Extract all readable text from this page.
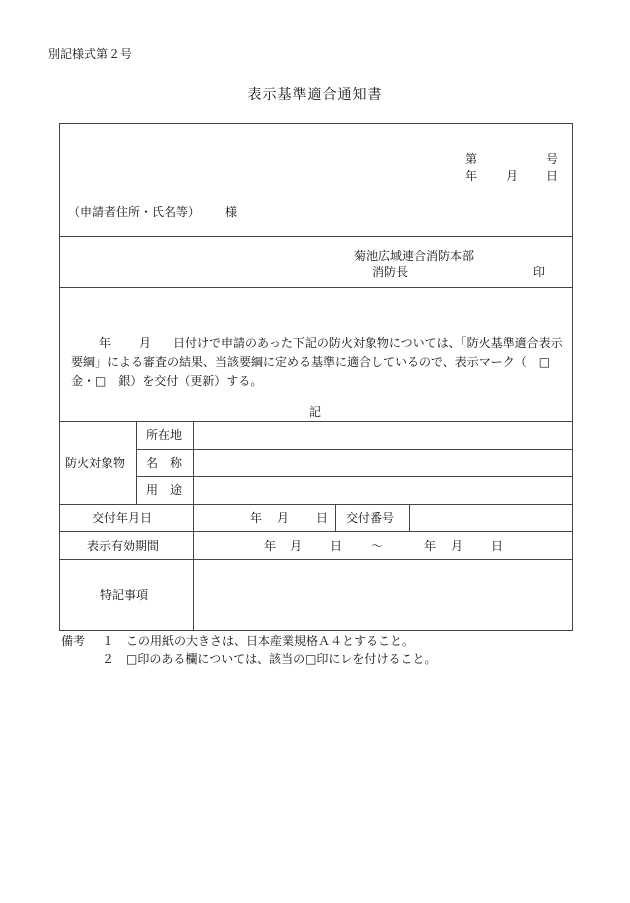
別記様式第２号
表示基準適合通知書
第	号
年 月 日
（申請者住所・氏名等） 様
菊池広域連合消防本部
消防長	印
年 月 日付けで申請のあった下記の防火対象物については、「防火基準適合表示要綱」による審査の結果、当該要綱に定める基準に適合しているので、表示マーク（　□　金・□　銀）を交付（更新）する。
記
防火対象物
所在地
名　称
用　途
交付年月日	年 月 日 交付番号
表示有効期間	年 月 日 ～	年 月 日
特記事項
備考 １ この用紙の大きさは、日本産業規格Ａ４とすること。
２ □印のある欄については、該当の□印にレを付けること。
